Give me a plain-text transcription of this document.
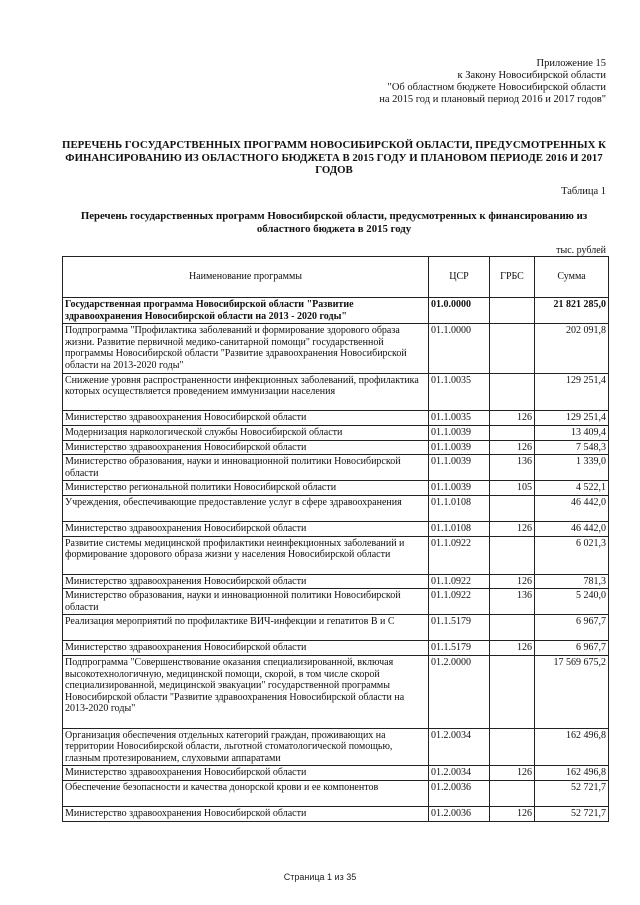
Приложение 15
к Закону Новосибирской области
"Об областном бюджете Новосибирской области
на 2015 год и плановый период 2016 и 2017 годов"
ПЕРЕЧЕНЬ ГОСУДАРСТВЕННЫХ ПРОГРАММ НОВОСИБИРСКОЙ ОБЛАСТИ, ПРЕДУСМОТРЕННЫХ К ФИНАНСИРОВАНИЮ ИЗ ОБЛАСТНОГО БЮДЖЕТА В 2015 ГОДУ И ПЛАНОВОМ ПЕРИОДЕ 2016 И 2017 ГОДОВ
Таблица 1
Перечень государственных программ Новосибирской области, предусмотренных к финансированию из областного бюджета в 2015 году
тыс. рублей
Наименование программы	ЦСР	ГРБС	Сумма
Государственная программа Новосибирской области "Развитие здравоохранения Новосибирской области на 2013 - 2020 годы"	01.0.0000		21 821 285,0
Подпрограмма "Профилактика заболеваний и формирование здорового образа жизни. Развитие первичной медико-санитарной помощи" государственной программы Новосибирской области "Развитие здравоохранения Новосибирской области на 2013-2020 годы"	01.1.0000		202 091,8
Снижение уровня распространенности инфекционных заболеваний, профилактика которых осуществляется проведением иммунизации населения	01.1.0035		129 251,4
Министерство здравоохранения Новосибирской области	01.1.0035	126	129 251,4
Модернизация наркологической службы Новосибирской области	01.1.0039		13 409,4
Министерство здравоохранения Новосибирской области	01.1.0039	126	7 548,3
Министерство образования, науки и инновационной политики Новосибирской области	01.1.0039	136	1 339,0
Министерство региональной политики Новосибирской области	01.1.0039	105	4 522,1
Учреждения, обеспечивающие предоставление услуг в сфере здравоохранения	01.1.0108		46 442,0
Министерство здравоохранения Новосибирской области	01.1.0108	126	46 442,0
Развитие системы медицинской профилактики неинфекционных заболеваний и формирование здорового образа жизни у населения Новосибирской области	01.1.0922		6 021,3
Министерство здравоохранения Новосибирской области	01.1.0922	126	781,3
Министерство образования, науки и инновационной политики Новосибирской области	01.1.0922	136	5 240,0
Реализация мероприятий по профилактике ВИЧ-инфекции и гепатитов В и С	01.1.5179		6 967,7
Министерство здравоохранения Новосибирской области	01.1.5179	126	6 967,7
Подпрограмма "Совершенствование оказания специализированной, включая высокотехнологичную, медицинской помощи, скорой, в том числе скорой специализированной, медицинской эвакуации" государственной программы Новосибирской области "Развитие здравоохранения Новосибирской области на 2013-2020 годы"	01.2.0000		17 569 675,2
Организация обеспечения отдельных категорий граждан, проживающих на территории Новосибирской области, льготной стоматологической помощью, глазным протезированием, слуховыми аппаратами	01.2.0034		162 496,8
Министерство здравоохранения Новосибирской области	01.2.0034	126	162 496,8
Обеспечение безопасности и качества донорской крови и ее компонентов	01.2.0036		52 721,7
Министерство здравоохранения Новосибирской области	01.2.0036	126	52 721,7
Страница 1 из 35
